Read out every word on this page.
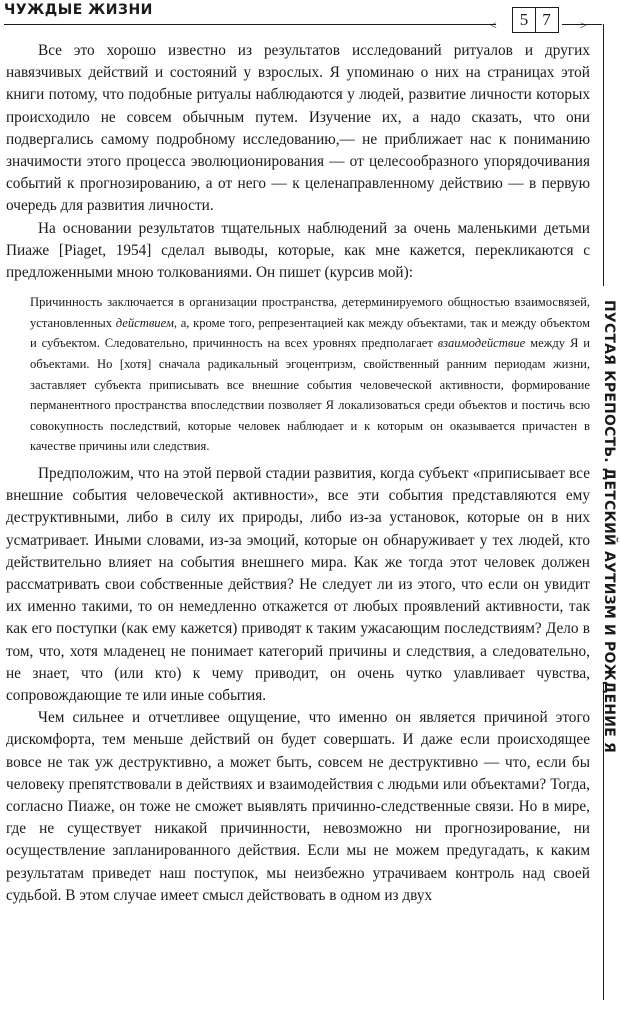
ЧУЖДЫЕ ЖИЗНИ
<	5 7	>
ПУСТАЯ КРЕПОСТЬ. ДЕТСКИЙ АУТИЗМ И РОЖДЕНИЕ Я

Все это хорошо известно из результатов исследований ритуалов и других навязчивых действий и состояний у взрослых. Я упоминаю о них на страницах этой книги потому, что подобные ритуалы наблюдаются у людей, развитие личности которых происходило не совсем обычным путем. Изучение их, а надо сказать, что они подвергались самому подробному исследованию,— не приближает нас к пониманию значимости этого процесса эволюционирования — от целесообразного упорядочивания событий к прогнозированию, а от него — к целенаправленному действию — в первую очередь для развития личности.

На основании результатов тщательных наблюдений за очень маленькими детьми Пиаже [Piaget, 1954] сделал выводы, которые, как мне кажется, перекликаются с предложенными мною толкованиями. Он пишет (курсив мой):

Причинность заключается в организации пространства, детерминируемого общностью взаимосвязей, установленных действием, а, кроме того, репрезентацией как между объектами, так и между объектом и субъектом. Следовательно, причинность на всех уровнях предполагает взаимодействие между Я и объектами. Но [хотя] сначала радикальный эгоцентризм, свойственный ранним периодам жизни, заставляет субъекта приписывать все внешние события человеческой активности, формирование перманентного пространства впоследствии позволяет Я локализоваться среди объектов и постичь всю совокупность последствий, которые человек наблюдает и к которым он оказывается причастен в качестве причины или следствия.

Предположим, что на этой первой стадии развития, когда субъект «приписывает все внешние события человеческой активности», все эти события представляются ему деструктивными, либо в силу их природы, либо из-за установок, которые он в них усматривает. Иными словами, из-за эмоций, которые он обнаруживает у тех людей, кто действительно влияет на события внешнего мира. Как же тогда этот человек должен рассматривать свои собственные действия? Не следует ли из этого, что если он увидит их именно такими, то он немедленно откажется от любых проявлений активности, так как его поступки (как ему кажется) приводят к таким ужасающим последствиям? Дело в том, что, хотя младенец не понимает категорий причины и следствия, а следовательно, не знает, что (или кто) к чему приводит, он очень чутко улавливает чувства, сопровождающие те или иные события.

Чем сильнее и отчетливее ощущение, что именно он является причиной этого дискомфорта, тем меньше действий он будет совершать. И даже если происходящее вовсе не так уж деструктивно, а может быть, совсем не деструктивно — что, если бы человеку препятствовали в действиях и взаимодействия с людьми или объектами? Тогда, согласно Пиаже, он тоже не сможет выявлять причинно-следственные связи. Но в мире, где не существует никакой причинности, невозможно ни прогнозирование, ни осуществление запланированного действия. Если мы не можем предугадать, к каким результатам приведет наш поступок, мы неизбежно утрачиваем контроль над своей судьбой. В этом случае имеет смысл действовать в одном из двух
